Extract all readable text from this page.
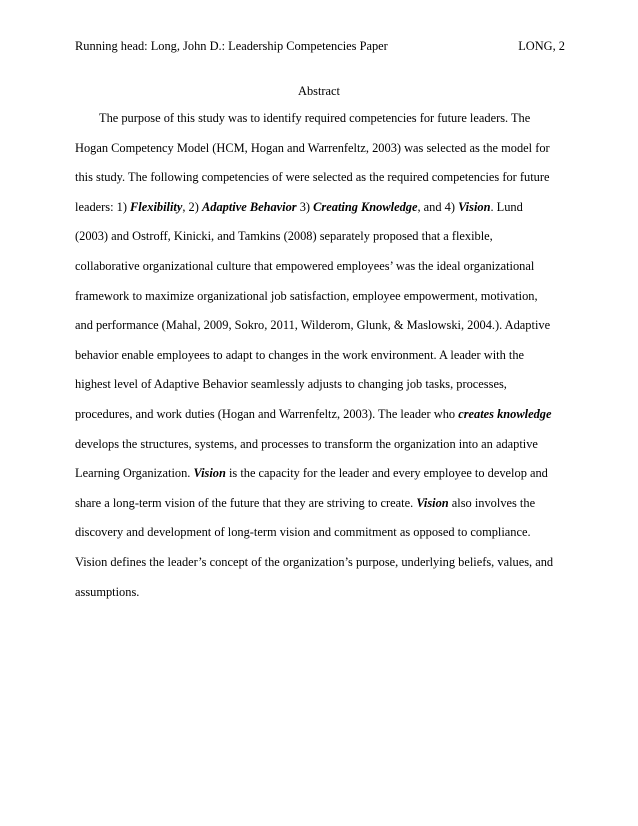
Running head: Long, John D.: Leadership Competencies Paper	LONG, 2
Abstract
The purpose of this study was to identify required competencies for future leaders. The
Hogan Competency Model (HCM, Hogan and Warrenfeltz, 2003) was selected as the model for
this study. The following competencies of were selected as the required competencies for future
leaders: 1) Flexibility, 2) Adaptive Behavior 3) Creating Knowledge, and 4) Vision. Lund
(2003) and Ostroff, Kinicki, and Tamkins (2008) separately proposed that a flexible,
collaborative organizational culture that empowered employees’ was the ideal organizational
framework to maximize organizational job satisfaction, employee empowerment, motivation,
and performance (Mahal, 2009, Sokro, 2011, Wilderom, Glunk, & Maslowski, 2004.). Adaptive
behavior enable employees to adapt to changes in the work environment. A leader with the
highest level of Adaptive Behavior seamlessly adjusts to changing job tasks, processes,
procedures, and work duties (Hogan and Warrenfeltz, 2003). The leader who creates knowledge
develops the structures, systems, and processes to transform the organization into an adaptive
Learning Organization. Vision is the capacity for the leader and every employee to develop and
share a long-term vision of the future that they are striving to create. Vision also involves the
discovery and development of long-term vision and commitment as opposed to compliance.
Vision defines the leader’s concept of the organization’s purpose, underlying beliefs, values, and
assumptions.
